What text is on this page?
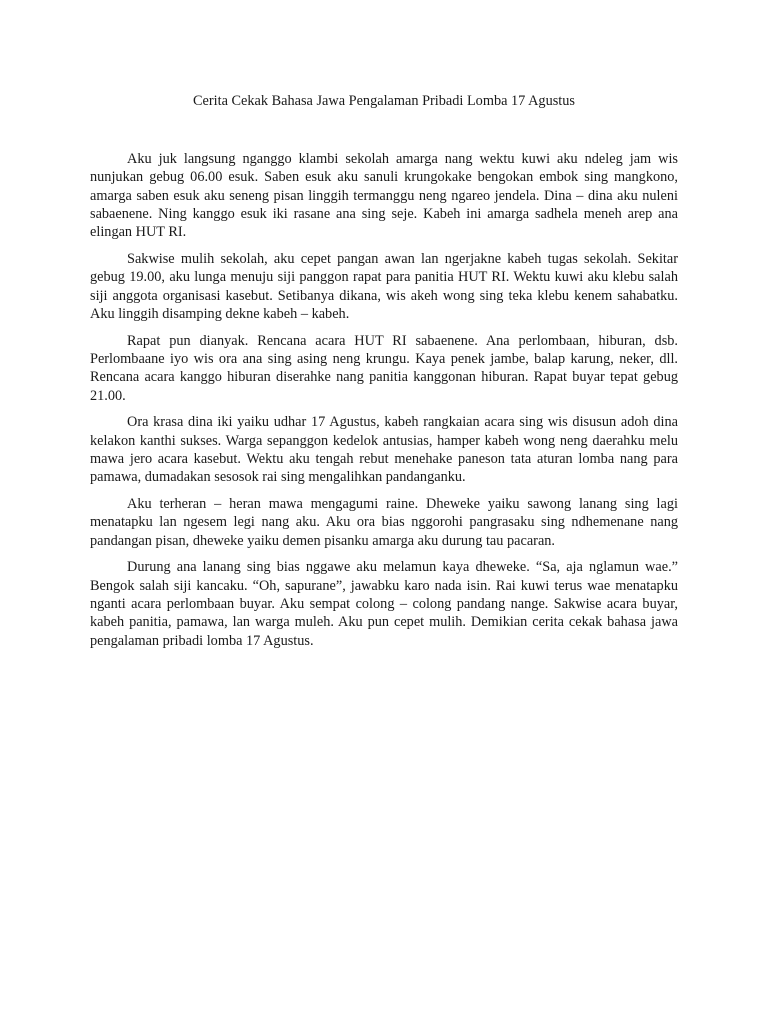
Cerita Cekak Bahasa Jawa Pengalaman Pribadi Lomba 17 Agustus

Aku juk langsung nganggo klambi sekolah amarga nang wektu kuwi aku ndeleg jam wis nunjukan gebug 06.00 esuk. Saben esuk aku sanuli krungokake bengokan embok sing mangkono, amarga saben esuk aku seneng pisan linggih termanggu neng ngareo jendela. Dina – dina aku nuleni sabaenene. Ning kanggo esuk iki rasane ana sing seje. Kabeh ini amarga sadhela meneh arep ana elingan HUT RI.

Sakwise mulih sekolah, aku cepet pangan awan lan ngerjakne kabeh tugas sekolah. Sekitar gebug 19.00, aku lunga menuju siji panggon rapat para panitia HUT RI. Wektu kuwi aku klebu salah siji anggota organisasi kasebut. Setibanya dikana, wis akeh wong sing teka klebu kenem sahabatku. Aku linggih disamping dekne kabeh – kabeh.

Rapat pun dianyak. Rencana acara HUT RI sabaenene. Ana perlombaan, hiburan, dsb. Perlombaane iyo wis ora ana sing asing neng krungu. Kaya penek jambe, balap karung, neker, dll. Rencana acara kanggo hiburan diserahke nang panitia kanggonan hiburan. Rapat buyar tepat gebug 21.00.

Ora krasa dina iki yaiku udhar 17 Agustus, kabeh rangkaian acara sing wis disusun adoh dina kelakon kanthi sukses. Warga sepanggon kedelok antusias, hamper kabeh wong neng daerahku melu mawa jero acara kasebut. Wektu aku tengah rebut menehake paneson tata aturan lomba nang para pamawa, dumadakan sesosok rai sing mengalihkan pandanganku.

Aku terheran – heran mawa mengagumi raine. Dheweke yaiku sawong lanang sing lagi menatapku lan ngesem legi nang aku. Aku ora bias nggorohi pangrasaku sing ndhemenane nang pandangan pisan, dheweke yaiku demen pisanku amarga aku durung tau pacaran.

Durung ana lanang sing bias nggawe aku melamun kaya dheweke. “Sa, aja nglamun wae.” Bengok salah siji kancaku. “Oh, sapurane”, jawabku karo nada isin. Rai kuwi terus wae menatapku nganti acara perlombaan buyar. Aku sempat colong – colong pandang nange. Sakwise acara buyar, kabeh panitia, pamawa, lan warga muleh. Aku pun cepet mulih. Demikian cerita cekak bahasa jawa pengalaman pribadi lomba 17 Agustus.
